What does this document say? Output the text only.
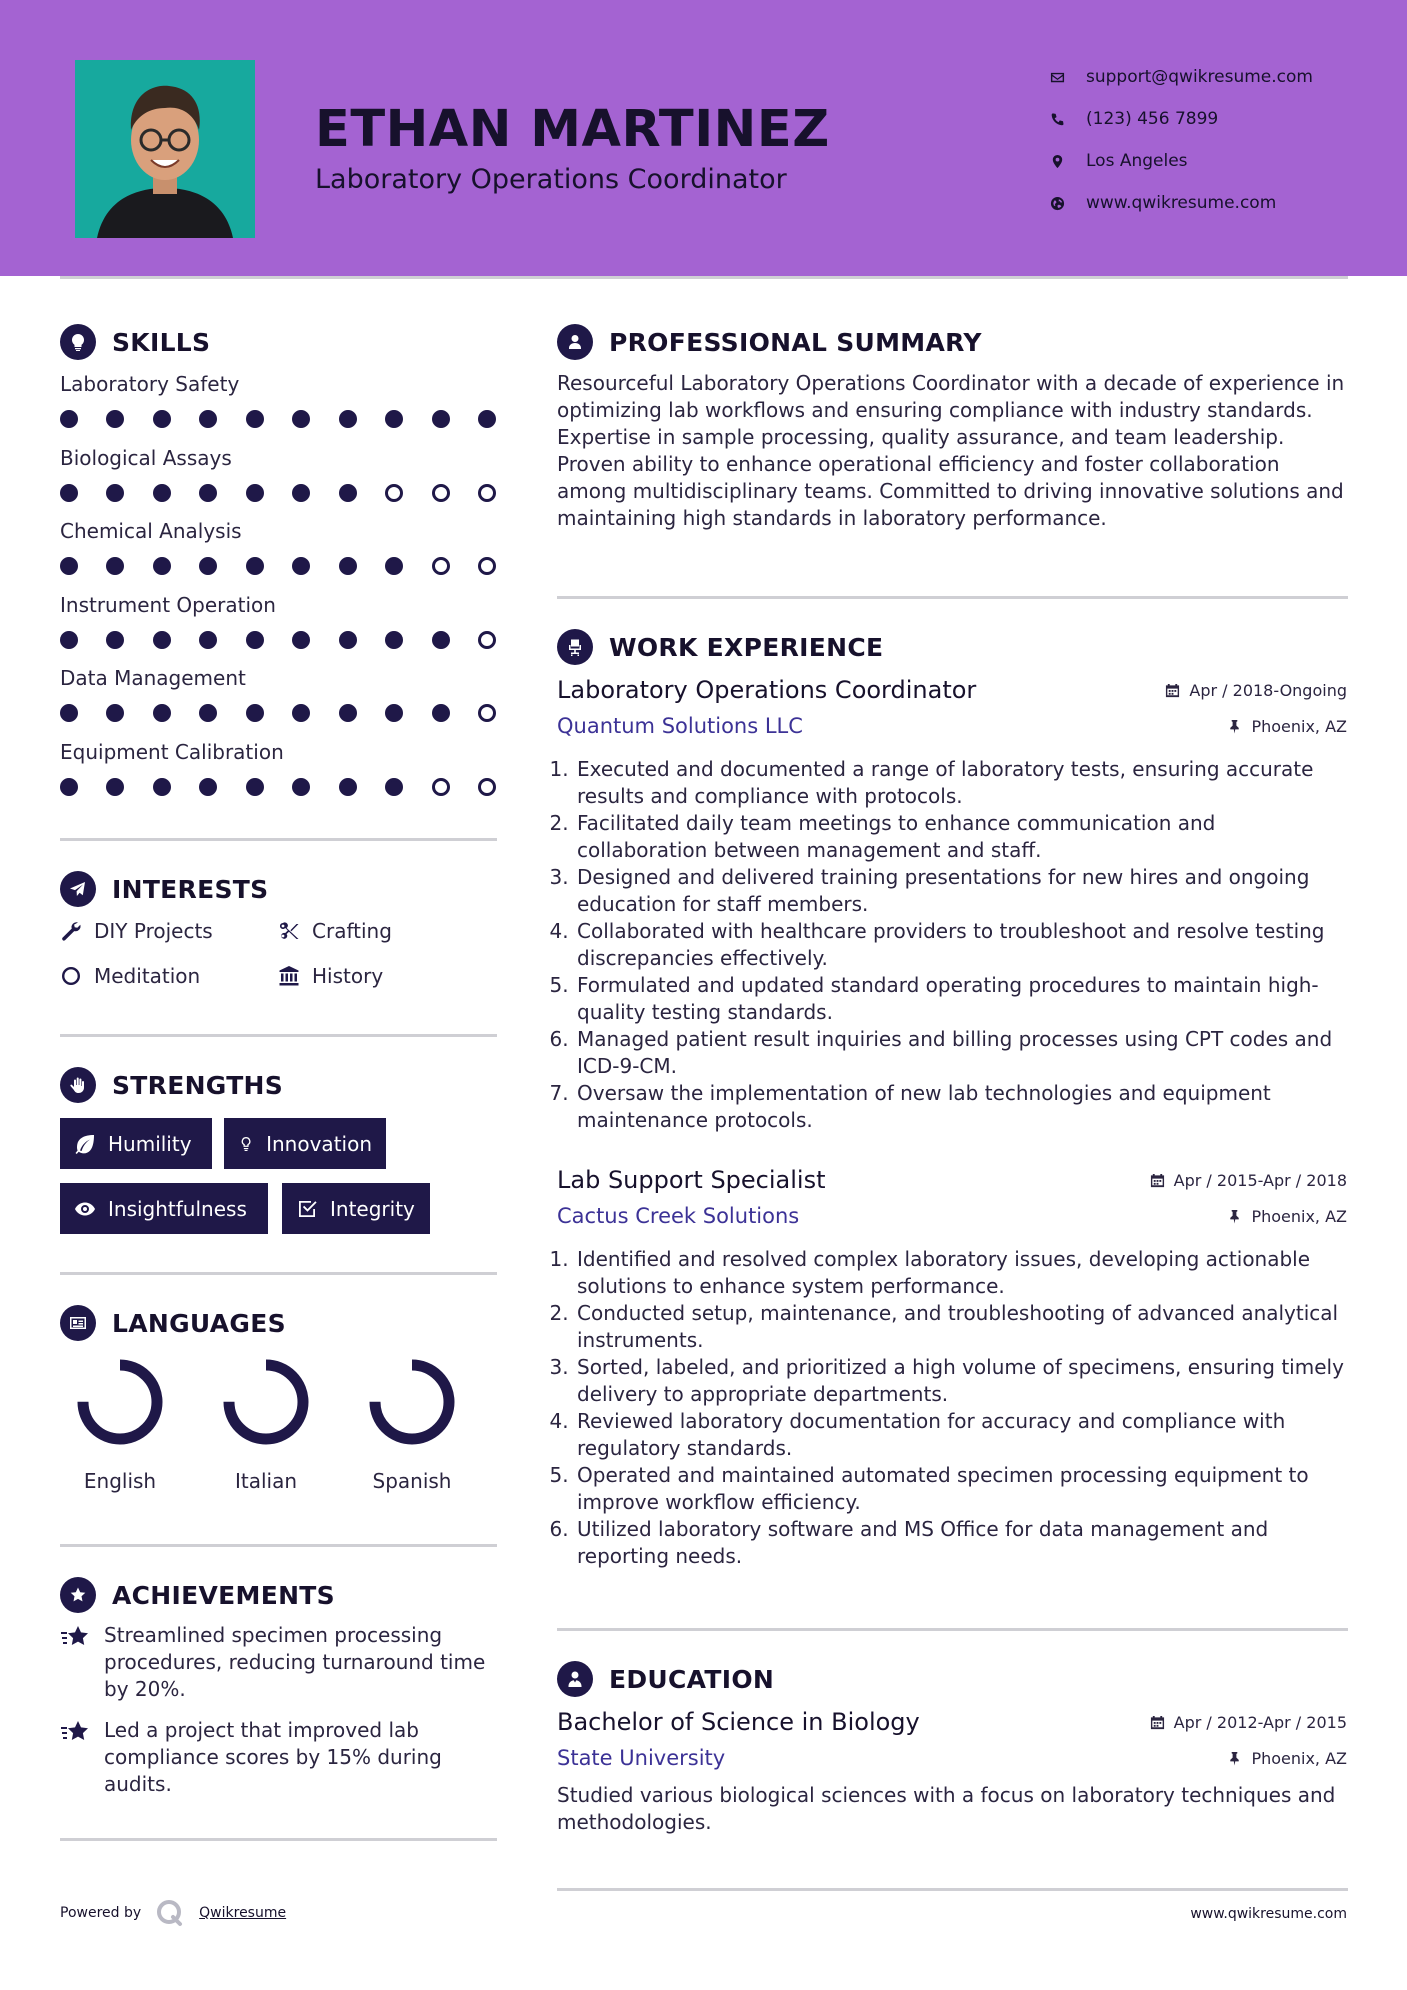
ETHAN MARTINEZ
Laboratory Operations Coordinator
support@qwikresume.com
(123) 456 7899
Los Angeles
www.qwikresume.com
SKILLS
Laboratory Safety
Biological Assays
Chemical Analysis
Instrument Operation
Data Management
Equipment Calibration
INTERESTS
DIY Projects	Crafting
Meditation	History
STRENGTHS
Humility	Innovation
Insightfulness	Integrity
LANGUAGES
English	Italian	Spanish
ACHIEVEMENTS
Streamlined specimen processing procedures, reducing turnaround time by 20%.
Led a project that improved lab compliance scores by 15% during audits.
PROFESSIONAL SUMMARY
Resourceful Laboratory Operations Coordinator with a decade of experience in optimizing lab workflows and ensuring compliance with industry standards. Expertise in sample processing, quality assurance, and team leadership. Proven ability to enhance operational efficiency and foster collaboration among multidisciplinary teams. Committed to driving innovative solutions and maintaining high standards in laboratory performance.
WORK EXPERIENCE
Laboratory Operations Coordinator	Apr / 2018-Ongoing
Quantum Solutions LLC	Phoenix, AZ
1. Executed and documented a range of laboratory tests, ensuring accurate results and compliance with protocols.
2. Facilitated daily team meetings to enhance communication and collaboration between management and staff.
3. Designed and delivered training presentations for new hires and ongoing education for staff members.
4. Collaborated with healthcare providers to troubleshoot and resolve testing discrepancies effectively.
5. Formulated and updated standard operating procedures to maintain high-quality testing standards.
6. Managed patient result inquiries and billing processes using CPT codes and ICD-9-CM.
7. Oversaw the implementation of new lab technologies and equipment maintenance protocols.
Lab Support Specialist	Apr / 2015-Apr / 2018
Cactus Creek Solutions	Phoenix, AZ
1. Identified and resolved complex laboratory issues, developing actionable solutions to enhance system performance.
2. Conducted setup, maintenance, and troubleshooting of advanced analytical instruments.
3. Sorted, labeled, and prioritized a high volume of specimens, ensuring timely delivery to appropriate departments.
4. Reviewed laboratory documentation for accuracy and compliance with regulatory standards.
5. Operated and maintained automated specimen processing equipment to improve workflow efficiency.
6. Utilized laboratory software and MS Office for data management and reporting needs.
EDUCATION
Bachelor of Science in Biology	Apr / 2012-Apr / 2015
State University	Phoenix, AZ
Studied various biological sciences with a focus on laboratory techniques and methodologies.
Powered by	Qwikresume	www.qwikresume.com
